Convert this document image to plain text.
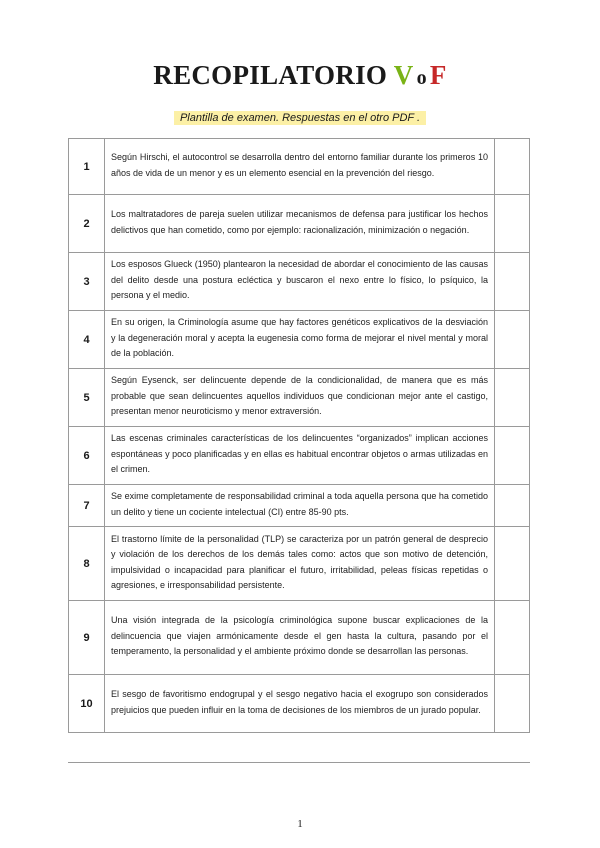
RECOPILATORIO V o F
Plantilla de examen. Respuestas en el otro PDF .
1	Según Hirschi, el autocontrol se desarrolla dentro del entorno familiar durante los primeros 10 años de vida de un menor y es un elemento esencial en la prevención del riesgo.	
2	Los maltratadores de pareja suelen utilizar mecanismos de defensa para justificar los hechos delictivos que han cometido, como por ejemplo: racionalización, minimización o negación.	
3	Los esposos Glueck (1950) plantearon la necesidad de abordar el conocimiento de las causas del delito desde una postura ecléctica y buscaron el nexo entre lo físico, lo psíquico, la persona y el medio.	
4	En su origen, la Criminología asume que hay factores genéticos explicativos de la desviación y la degeneración moral y acepta la eugenesia como forma de mejorar el nivel mental y moral de la población.	
5	Según Eysenck, ser delincuente depende de la condicionalidad, de manera que es más probable que sean delincuentes aquellos individuos que condicionan mejor ante el castigo, presentan menor neuroticismo y menor extraversión.	
6	Las escenas criminales características de los delincuentes “organizados” implican acciones espontáneas y poco planificadas y en ellas es habitual encontrar objetos o armas utilizadas en el crimen.	
7	Se exime completamente de responsabilidad criminal a toda aquella persona que ha cometido un delito y tiene un cociente intelectual (CI) entre 85-90 pts.	
8	El trastorno límite de la personalidad (TLP) se caracteriza por un patrón general de desprecio y violación de los derechos de los demás tales como: actos que son motivo de detención, impulsividad o incapacidad para planificar el futuro, irritabilidad, peleas físicas repetidas o agresiones, e irresponsabilidad persistente.	
9	Una visión integrada de la psicología criminológica supone buscar explicaciones de la delincuencia que viajen armónicamente desde el gen hasta la cultura, pasando por el temperamento, la personalidad y el ambiente próximo donde se desarrollan las personas.	
10	El sesgo de favoritismo endogrupal y el sesgo negativo hacia el exogrupo son considerados prejuicios que pueden influir en la toma de decisiones de los miembros de un jurado popular.	
1
